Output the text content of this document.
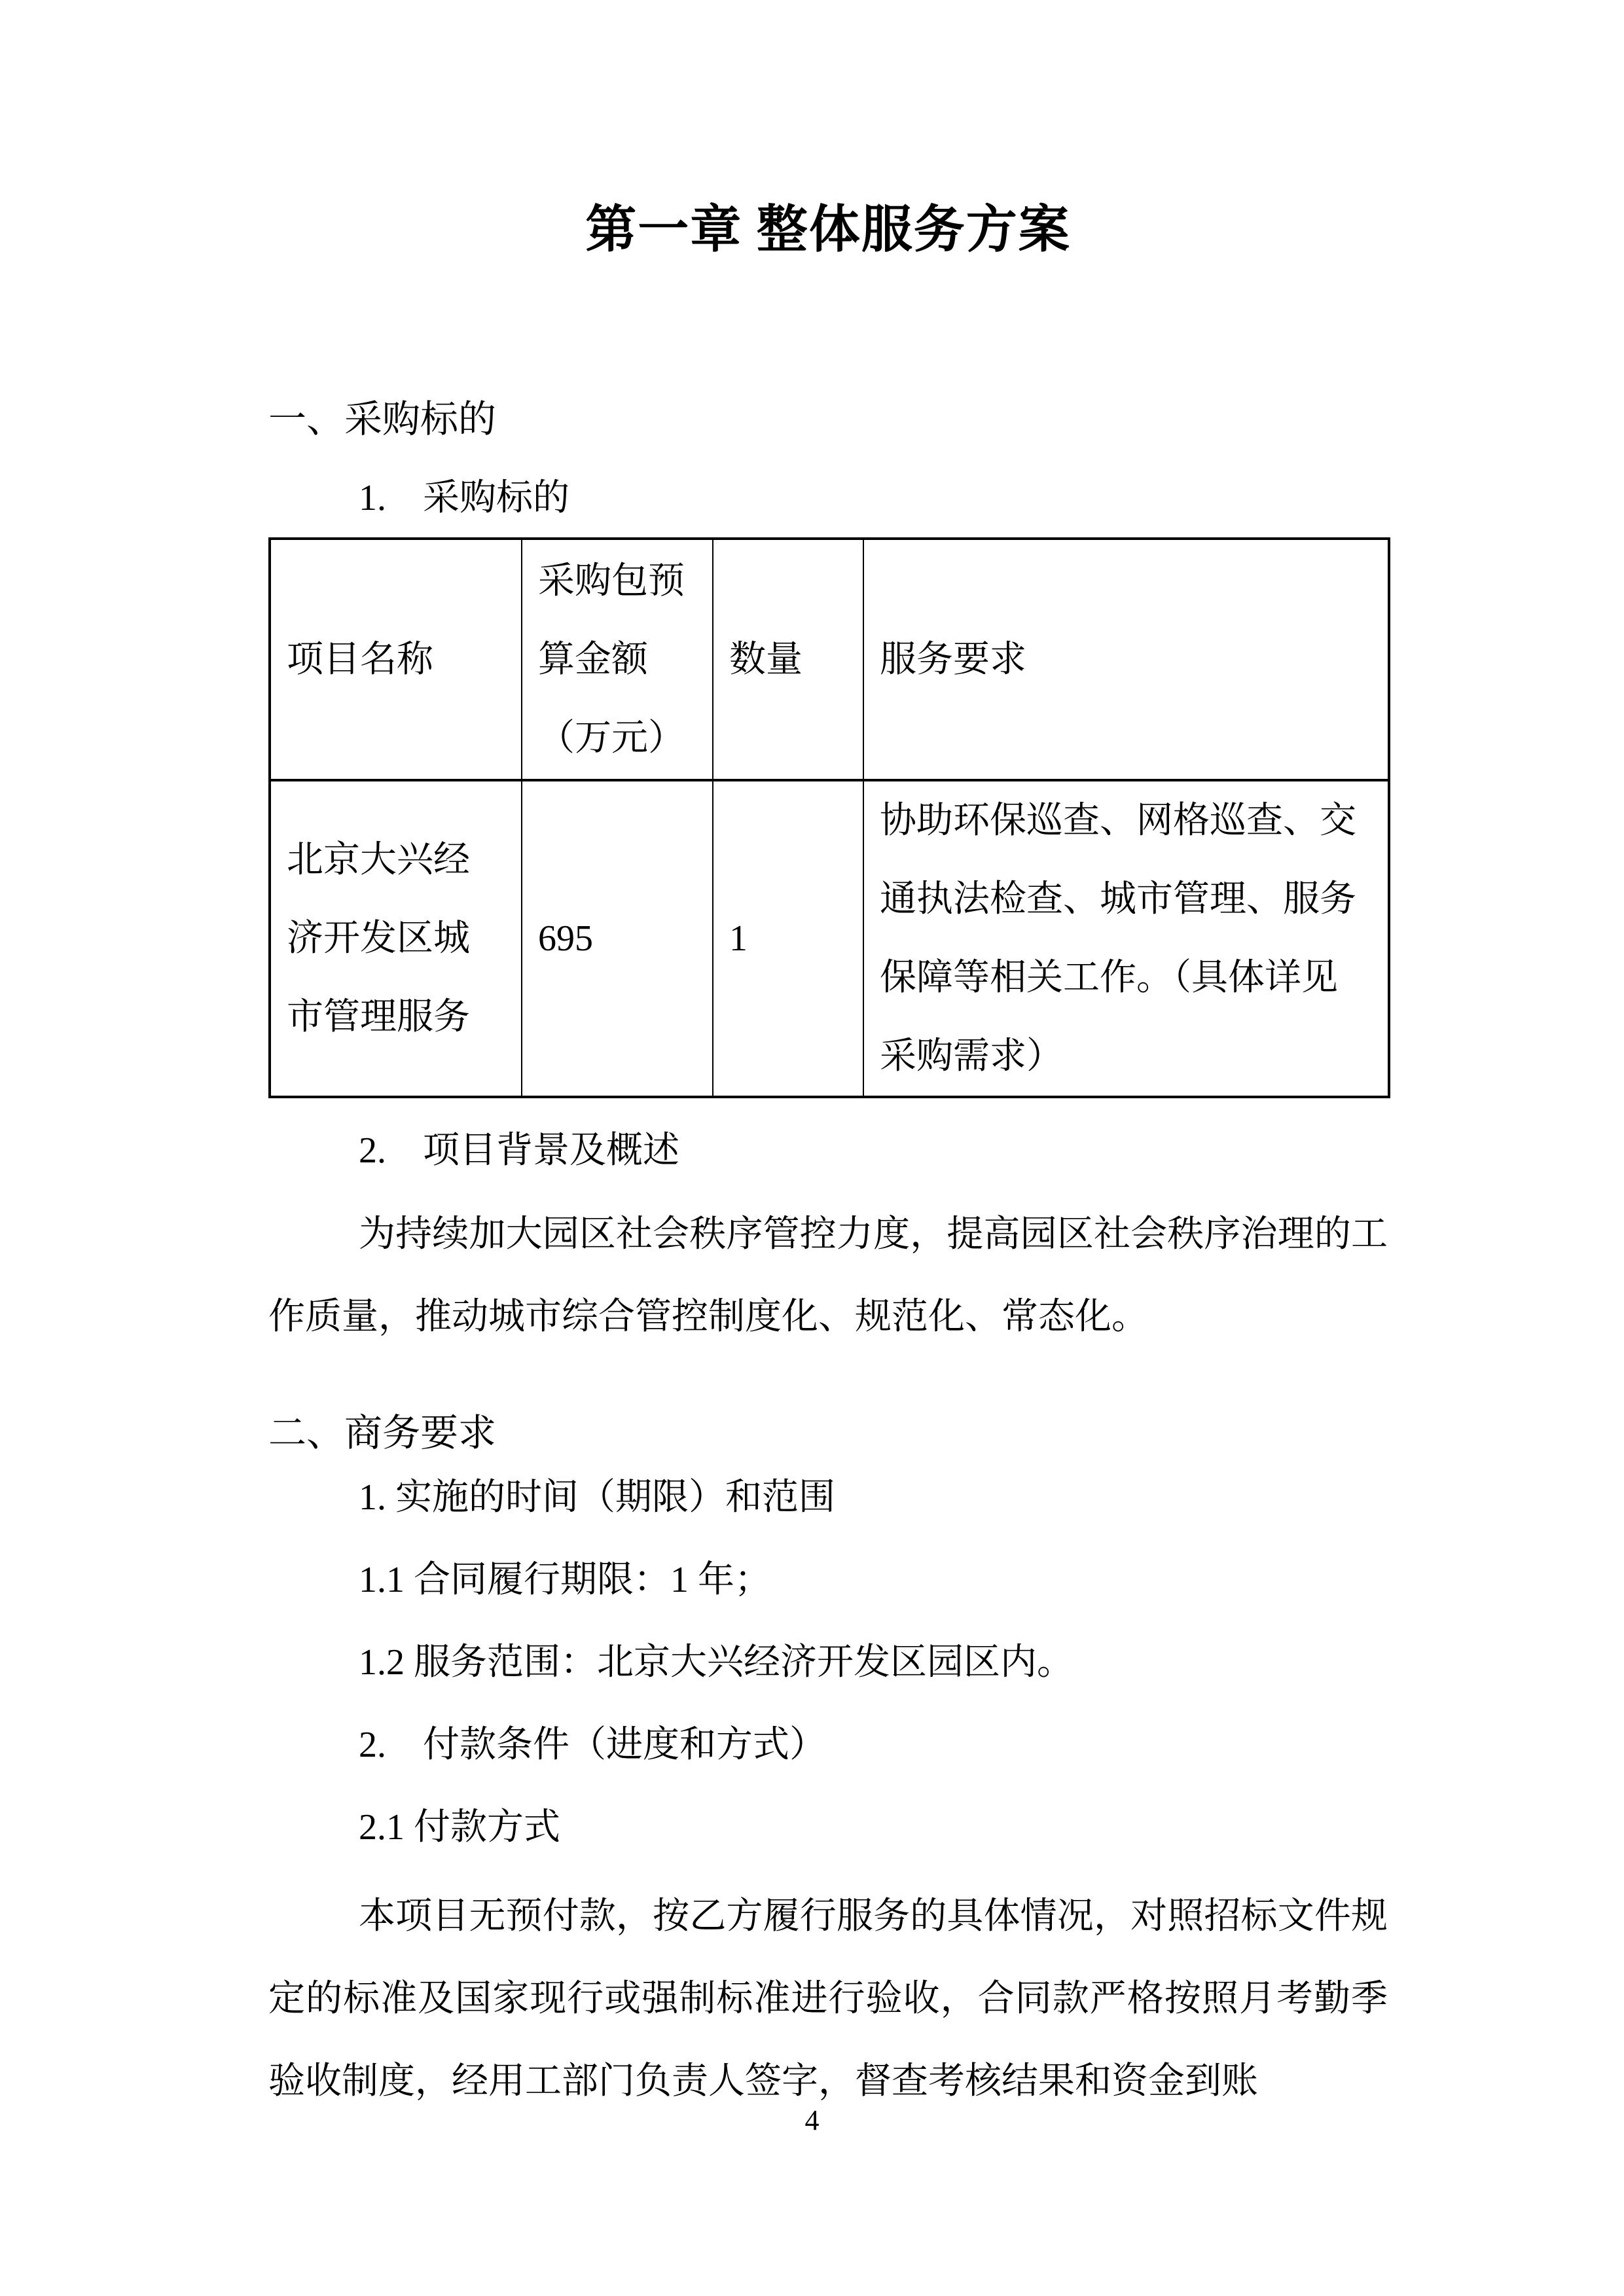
第一章 整体服务方案
一、采购标的
1.　采购标的
项目名称	采购包预算金额（万元）	数量	服务要求
北京大兴经济开发区城市管理服务	695	1	协助环保巡查、网格巡查、交通执法检查、城市管理、服务保障等相关工作。（具体详见采购需求）
2.　项目背景及概述
为持续加大园区社会秩序管控力度，提高园区社会秩序治理的工作质量，推动城市综合管控制度化、规范化、常态化。
二、商务要求
1. 实施的时间（期限）和范围
1.1 合同履行期限：1 年；
1.2 服务范围：北京大兴经济开发区园区内。
2.　付款条件（进度和方式）
2.1 付款方式
本项目无预付款，按乙方履行服务的具体情况，对照招标文件规定的标准及国家现行或强制标准进行验收，合同款严格按照月考勤季验收制度，经用工部门负责人签字，督查考核结果和资金到账
4
